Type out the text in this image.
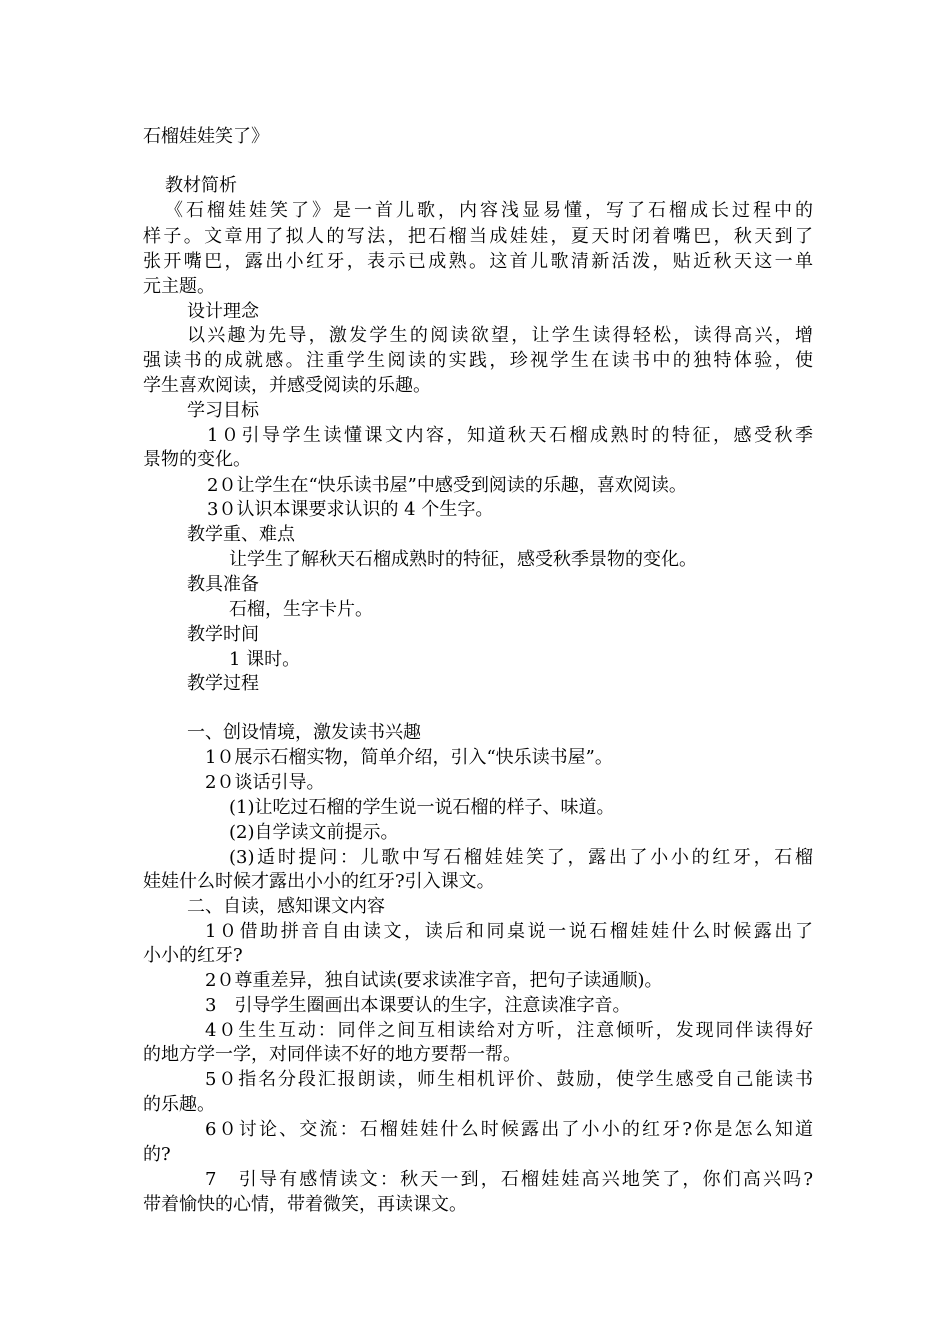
石榴娃娃笑了》
教材简析
《石榴娃娃笑了》是一首儿歌，内容浅显易懂，写了石榴成长过程中的
样子。文章用了拟人的写法，把石榴当成娃娃，夏天时闭着嘴巴，秋天到了
张开嘴巴，露出小红牙，表示已成熟。这首儿歌清新活泼，贴近秋天这一单
元主题。
设计理念
以兴趣为先导，激发学生的阅读欲望，让学生读得轻松，读得高兴，增
强读书的成就感。注重学生阅读的实践，珍视学生在读书中的独特体验，使
学生喜欢阅读，并感受阅读的乐趣。
学习目标
1０引导学生读懂课文内容，知道秋天石榴成熟时的特征，感受秋季
景物的变化。
2０让学生在“快乐读书屋”中感受到阅读的乐趣，喜欢阅读。
3０认识本课要求认识的 4 个生字。
教学重、难点
让学生了解秋天石榴成熟时的特征，感受秋季景物的变化。
教具准备
石榴，生字卡片。
教学时间
1 课时。
教学过程
一、创设情境，激发读书兴趣
1０展示石榴实物，简单介绍，引入“快乐读书屋”。
2０谈话引导。
(1)让吃过石榴的学生说一说石榴的样子、味道。
(2)自学读文前提示。
(3)适时提问：儿歌中写石榴娃娃笑了，露出了小小的红牙，石榴
娃娃什么时候才露出小小的红牙?引入课文。
二、自读，感知课文内容
1０借助拼音自由读文，读后和同桌说一说石榴娃娃什么时候露出了
小小的红牙?
2０尊重差异，独自试读(要求读准字音，把句子读通顺)。
3　引导学生圈画出本课要认的生字，注意读准字音。
4０生生互动：同伴之间互相读给对方听，注意倾听，发现同伴读得好
的地方学一学，对同伴读不好的地方要帮一帮。
5０指名分段汇报朗读，师生相机评价、鼓励，使学生感受自己能读书
的乐趣。
6０讨论、交流：石榴娃娃什么时候露出了小小的红牙?你是怎么知道
的?
7　引导有感情读文：秋天一到，石榴娃娃高兴地笑了，你们高兴吗?
带着愉快的心情，带着微笑，再读课文。
